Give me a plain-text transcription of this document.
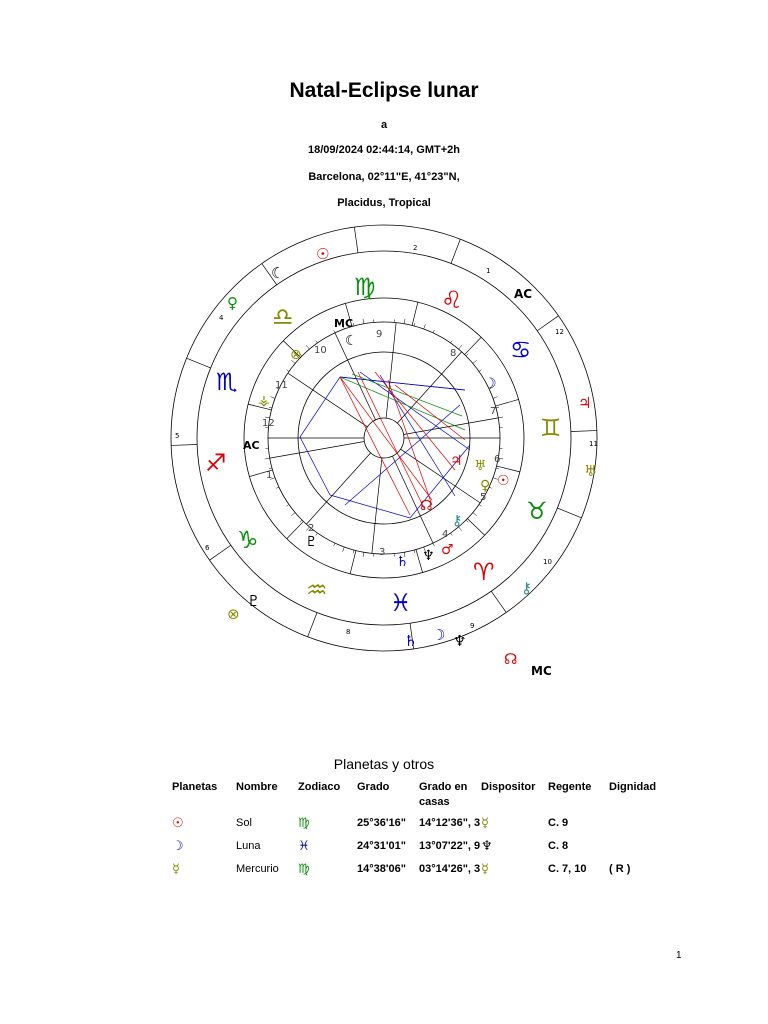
Natal-Eclipse lunar
a
18/09/2024 02:44:14, GMT+2h
Barcelona, 02°11"E, 41°23"N,
Placidus, Tropical
2
1
12
11
10
9
8
6
5
4
9
8
7
6
5
4
3
2
1
12
11
10
AC
MC
AC
MC
♍	♌
♋
♊
♉
♈
♓
♒
♑
♐
♏
♎
☉
☾
♀
♄ ♆
♇
☽
⚷
♃
♅
☊
⊗
☽
♃ ♅
☉
☊
⚷
♄
♂
♆
♇
⊗
☾
⚶
♀
Planetas y otros
Planetas	Nombre	Zodiaco	Grado	Grado en casas	Dispositor	Regente	Dignidad
☉	Sol	♍	25°36'16"	14°12'36", 3	☿	C. 9	
☽	Luna	♓	24°31'01"	13°07'22", 9	♆	C. 8	
☿	Mercurio	♍	14°38'06"	03°14'26", 3	☿	C. 7, 10	( R )
1
